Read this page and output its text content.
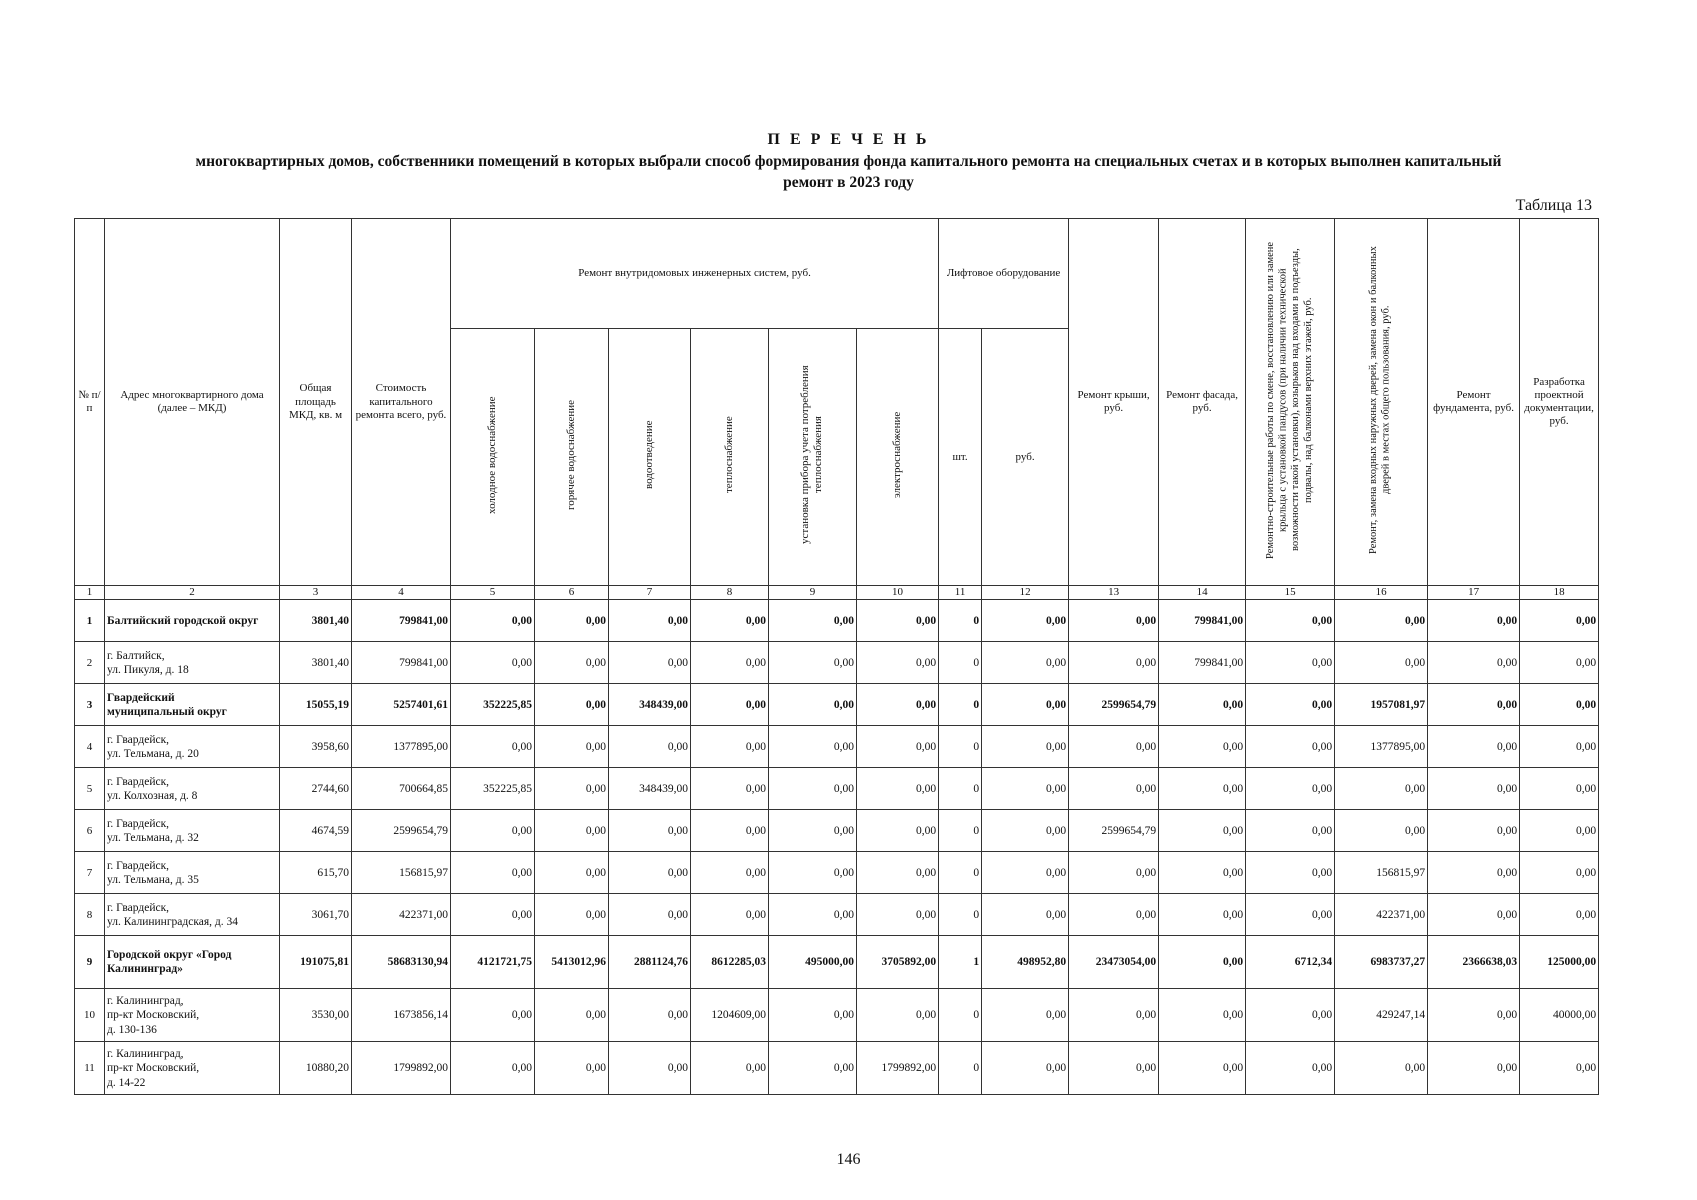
П Е Р Е Ч Е Н Ь
многоквартирных домов, собственники помещений в которых выбрали способ формирования фонда капитального ремонта на специальных счетах и в которых выполнен капитальный
ремонт в 2023 году
Таблица 13
№ п/п	Адрес многоквартирного дома (далее – МКД)	Общая площадь МКД, кв. м	Стоимость капитального ремонта всего, руб.	Ремонт внутридомовых инженерных систем, руб.						Лифтовое оборудование		Ремонт крыши, руб.	Ремонт фасада, руб.	Ремонтно-строительные работы по смене, восстановлению или замене крыльца с установкой пандусов (при наличии технической возможности такой установки), козырьков над входами в подъезды, подвалы, над балконами верхних этажей, руб.	Ремонт, замена входных наружных дверей, замена окон и балконных дверей в местах общего пользования, руб.	Ремонт фундамента, руб.	Разработка проектной документации, руб.
				холодное водоснабжение	горячее водоснабжение	водоотведение	теплоснабжение	установка прибора учета потребления теплоснабжения	электроснабжение	шт.	руб.						
1	2	3	4	5	6	7	8	9	10	11	12	13	14	15	16	17	18
1	Балтийский городской округ	3801,40	799841,00	0,00	0,00	0,00	0,00	0,00	0,00	0	0,00	0,00	799841,00	0,00	0,00	0,00	0,00
2	г. Балтийск,
ул. Пикуля, д. 18	3801,40	799841,00	0,00	0,00	0,00	0,00	0,00	0,00	0	0,00	0,00	799841,00	0,00	0,00	0,00	0,00
3	Гвардейский
муниципальный округ	15055,19	5257401,61	352225,85	0,00	348439,00	0,00	0,00	0,00	0	0,00	2599654,79	0,00	0,00	1957081,97	0,00	0,00
4	г. Гвардейск,
ул. Тельмана, д. 20	3958,60	1377895,00	0,00	0,00	0,00	0,00	0,00	0,00	0	0,00	0,00	0,00	0,00	1377895,00	0,00	0,00
5	г. Гвардейск,
ул. Колхозная, д. 8	2744,60	700664,85	352225,85	0,00	348439,00	0,00	0,00	0,00	0	0,00	0,00	0,00	0,00	0,00	0,00	0,00
6	г. Гвардейск,
ул. Тельмана, д. 32	4674,59	2599654,79	0,00	0,00	0,00	0,00	0,00	0,00	0	0,00	2599654,79	0,00	0,00	0,00	0,00	0,00
7	г. Гвардейск,
ул. Тельмана, д. 35	615,70	156815,97	0,00	0,00	0,00	0,00	0,00	0,00	0	0,00	0,00	0,00	0,00	156815,97	0,00	0,00
8	г. Гвардейск,
ул. Калининградская, д. 34	3061,70	422371,00	0,00	0,00	0,00	0,00	0,00	0,00	0	0,00	0,00	0,00	0,00	422371,00	0,00	0,00
9	Городской округ «Город
Калининград»	191075,81	58683130,94	4121721,75	5413012,96	2881124,76	8612285,03	495000,00	3705892,00	1	498952,80	23473054,00	0,00	6712,34	6983737,27	2366638,03	125000,00
10	г. Калининград,
пр-кт Московский,
д. 130-136	3530,00	1673856,14	0,00	0,00	0,00	1204609,00	0,00	0,00	0	0,00	0,00	0,00	0,00	429247,14	0,00	40000,00
11	г. Калининград,
пр-кт Московский,
д. 14-22	10880,20	1799892,00	0,00	0,00	0,00	0,00	0,00	1799892,00	0	0,00	0,00	0,00	0,00	0,00	0,00	0,00
146
